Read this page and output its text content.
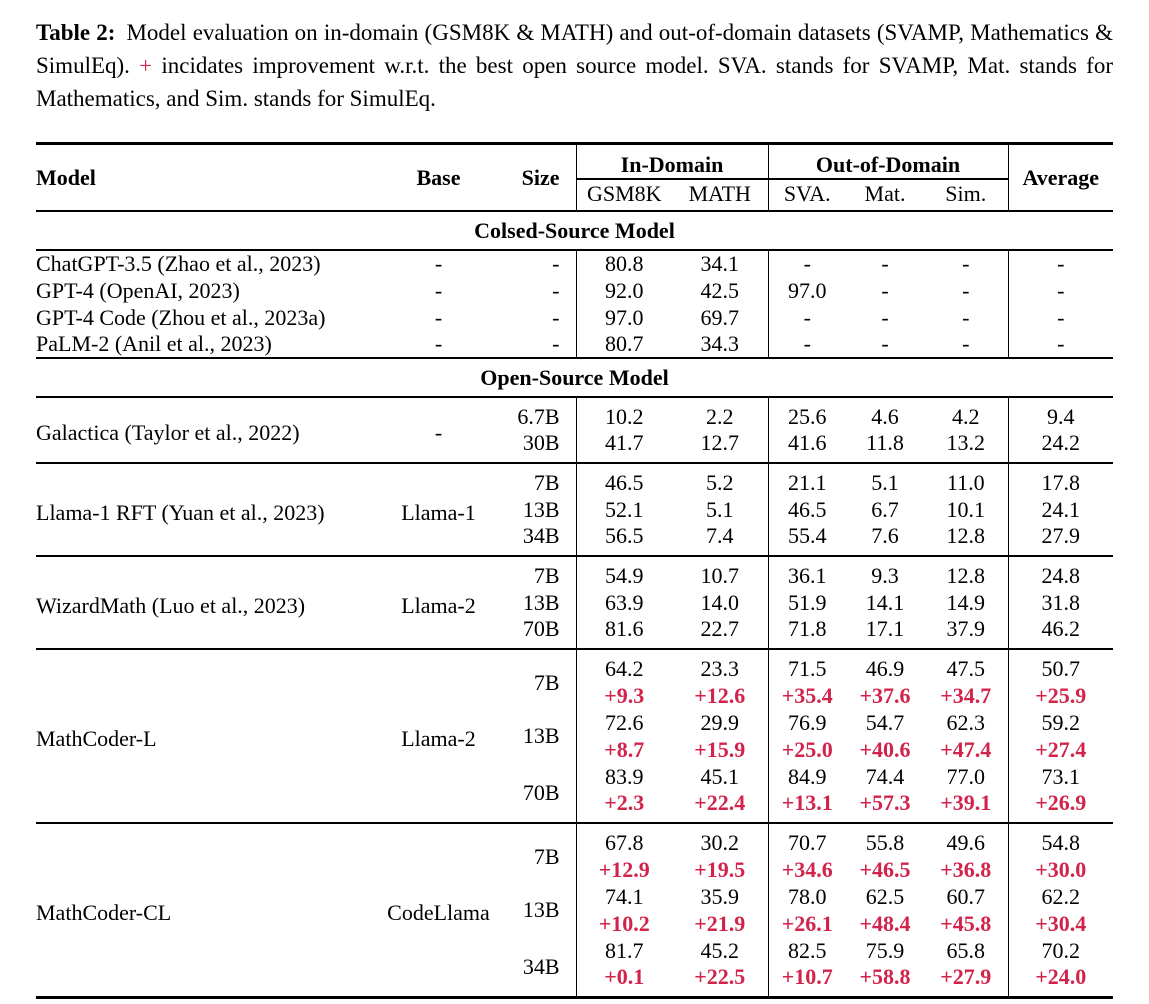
Table 2: Model evaluation on in-domain (GSM8K & MATH) and out-of-domain datasets (SVAMP, Mathematics & SimulEq). + incidates improvement w.r.t. the best open source model. SVA. stands for SVAMP, Mat. stands for Mathematics, and Sim. stands for SimulEq.

Model	Base	Size	In-Domain		Out-of-Domain			Average
			GSM8K	MATH	SVA.	Mat.	Sim.	
Colsed-Source Model								
ChatGPT-3.5 (Zhao et al., 2023)	-	-	80.8	34.1	-	-	-	-
GPT-4 (OpenAI, 2023)	-	-	92.0	42.5	97.0	-	-	-
GPT-4 Code (Zhou et al., 2023a)	-	-	97.0	69.7	-	-	-	-
PaLM-2 (Anil et al., 2023)	-	-	80.7	34.3	-	-	-	-
Open-Source Model								
Galactica (Taylor et al., 2022)	-	6.7B	10.2	2.2	25.6	4.6	4.2	9.4
		30B	41.7	12.7	41.6	11.8	13.2	24.2
Llama-1 RFT (Yuan et al., 2023)	Llama-1	7B	46.5	5.2	21.1	5.1	11.0	17.8
		13B	52.1	5.1	46.5	6.7	10.1	24.1
		34B	56.5	7.4	55.4	7.6	12.8	27.9
WizardMath (Luo et al., 2023)	Llama-2	7B	54.9	10.7	36.1	9.3	12.8	24.8
		13B	63.9	14.0	51.9	14.1	14.9	31.8
		70B	81.6	22.7	71.8	17.1	37.9	46.2
MathCoder-L	Llama-2	7B	64.2	23.3	71.5	46.9	47.5	50.7
			+9.3	+12.6	+35.4	+37.6	+34.7	+25.9
		13B	72.6	29.9	76.9	54.7	62.3	59.2
			+8.7	+15.9	+25.0	+40.6	+47.4	+27.4
		70B	83.9	45.1	84.9	74.4	77.0	73.1
			+2.3	+22.4	+13.1	+57.3	+39.1	+26.9
MathCoder-CL	CodeLlama	7B	67.8	30.2	70.7	55.8	49.6	54.8
			+12.9	+19.5	+34.6	+46.5	+36.8	+30.0
		13B	74.1	35.9	78.0	62.5	60.7	62.2
			+10.2	+21.9	+26.1	+48.4	+45.8	+30.4
		34B	81.7	45.2	82.5	75.9	65.8	70.2
			+0.1	+22.5	+10.7	+58.8	+27.9	+24.0
